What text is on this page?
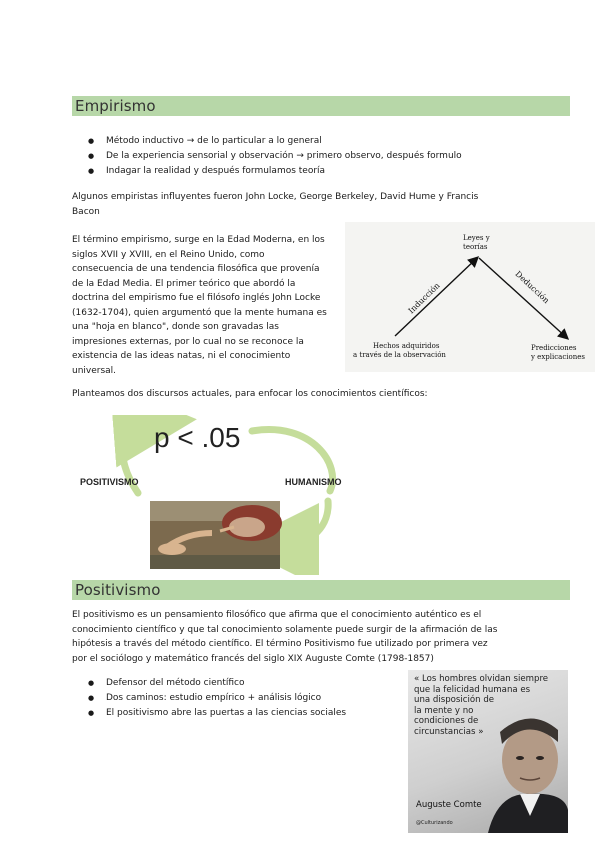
Empirismo
● Método inductivo → de lo particular a lo general
● De la experiencia sensorial y observación → primero observo, después formulo
● Indagar la realidad y después formulamos teoría
Algunos empiristas influyentes fueron John Locke, George Berkeley, David Hume y Francis
Bacon
El término empirismo, surge en la Edad Moderna, en los
siglos XVII y XVIII, en el Reino Unido, como
consecuencia de una tendencia filosófica que provenía
de la Edad Media. El primer teórico que abordó la
doctrina del empirismo fue el filósofo inglés John Locke
(1632-1704), quien argumentó que la mente humana es
una "hoja en blanco", donde son gravadas las
impresiones externas, por lo cual no se reconoce la
existencia de las ideas natas, ni el conocimiento
universal.
Leyes y
teorías
Inducción	Deducción
Hechos adquiridos
a través de la observación
Predicciones
y explicaciones
Planteamos dos discursos actuales, para enfocar los conocimientos científicos:
p < .05
POSITIVISMO	HUMANISMO
Positivismo
El positivismo es un pensamiento filosófico que afirma que el conocimiento auténtico es el
conocimiento científico y que tal conocimiento solamente puede surgir de la afirmación de las
hipótesis a través del método científico. El término Positivismo fue utilizado por primera vez
por el sociólogo y matemático francés del siglo XIX Auguste Comte (1798-1857)
● Defensor del método científico
● Dos caminos: estudio empírico + análisis lógico
● El positivismo abre las puertas a las ciencias sociales
« Los hombres olvidan siempre
que la felicidad humana es
una disposición de
la mente y no
condiciones de
circunstancias »
Auguste Comte
@Culturizando
